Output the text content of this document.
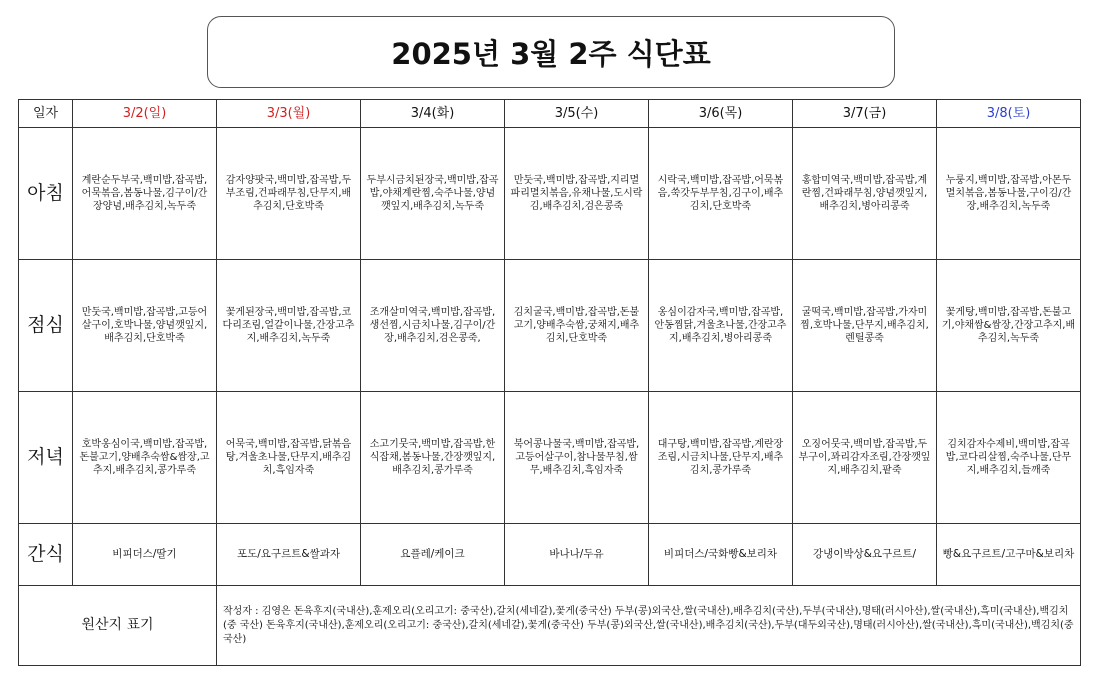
2025년 3월 2주 식단표
일자	3/2(일)	3/3(월)	3/4(화)	3/5(수)	3/6(목)	3/7(금)	3/8(토)
아침	계란순두부국,백미밥,잡곡밥,어묵볶음,봄동나물,김구이/간장양념,배추김치,녹두죽	감자양팟국,백미밥,잡곡밥,두부조림,건파래무침,단무지,배추김치,단호박죽	두부시금치된장국,백미밥,잡곡밥,야채계란찜,숙주나물,양념깻잎지,배추김치,녹두죽	만둣국,백미밥,잡곡밥,지리멸파리멸치볶음,유채나물,도시락김,배추김치,검은콩죽	시락국,백미밥,잡곡밥,어묵볶음,쑥갓두부무침,김구이,배추김치,단호박죽	홍합미역국,백미밥,잡곡밥,계란찜,건파래무침,양념깻잎지,배추김치,병아리콩죽	누룽지,백미밥,잡곡밥,아몬두멸치볶음,봄동나물,구이김/간장,배추김치,녹두죽
점심	만둣국,백미밥,잡곡밥,고등어살구이,호박나물,양념깻잎지,배추김치,단호박죽	꽃게된장국,백미밥,잡곡밥,코다리조림,얼갈이나물,간장고추지,배추김치,녹두죽	조개살미역국,백미밥,잡곡밥,생선찜,시금치나물,김구이/간장,배추김치,검은콩죽,	김치굴국,백미밥,잡곡밥,돈불고기,양배추숙쌈,궁채지,배추김치,단호박죽	옹심이감자국,백미밥,잡곡밥,안동찜닭,겨울초나물,간장고추지,배추김치,병아리콩죽	굴떡국,백미밥,잡곡밥,가자미찜,호박나물,단무지,배추김치,렌틸콩죽	꽃게탕,백미밥,잡곡밥,돈불고기,야채쌈&쌈장,간장고추지,배추김치,녹두죽
저녁	호박옹심이국,백미밥,잡곡밥,돈불고기,양배추숙쌈&쌈장,고추지,배추김치,콩가루죽	어묵국,백미밥,잡곡밥,닭볶음탕,겨울초나물,단무지,배추김치,흑임자죽	소고기뭇국,백미밥,잡곡밥,한식잡채,봄동나물,간장깻잎지,배추김치,콩가루죽	북어콩나물국,백미밥,잡곡밥,고등어살구이,참나물무침,쌈무,배추김치,흑임자죽	대구탕,백미밥,잡곡밥,계란장조림,시금치나물,단무지,배추김치,콩가루죽	오징어뭇국,백미밥,잡곡밥,두부구이,꽈리감자조림,간장깻잎지,배추김치,팥죽	김치감자수제비,백미밥,잡곡밥,코다리살찜,숙주나물,단무지,배추김치,들깨죽
간식	비피더스/딸기	포도/요구르트&쌀과자	요플레/케이크	바나나/두유	비피더스/국화빵&보리차	강냉이박상&요구르트/	빵&요구르트/고구마&보리차
원산지 표기		작성자 : 김영은 돈육후지(국내산),훈제오리(오리고기: 중국산),갈치(세네갈),꽃게(중국산) 두부(콩)외국산,쌀(국내산),배추김치(국산),두부(국내산),명태(러시아산),쌀(국내산),흑미(국내산),백김치(중 국산) 돈육후지(국내산),훈제오리(오리고기: 중국산),갈치(세네갈),꽃게(중국산) 두부(콩)외국산,쌀(국내산),배추김치(국산),두부(대두외국산),명태(러시아산),쌀(국내산),흑미(국내산),백김치(중 국산)					
